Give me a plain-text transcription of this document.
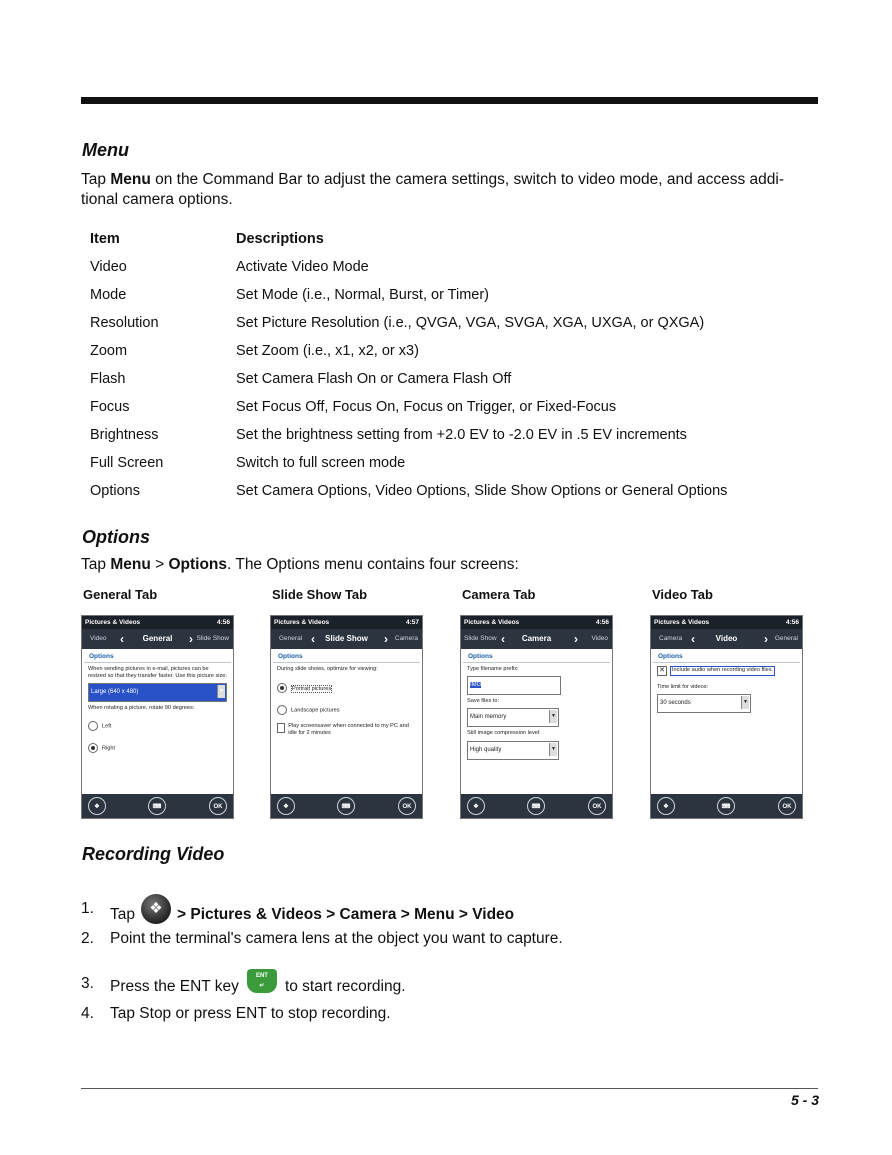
Menu
Tap Menu on the Command Bar to adjust the camera settings, switch to video mode, and access addi-tional camera options.
Item	Descriptions
Video	Activate Video Mode
Mode	Set Mode (i.e., Normal, Burst, or Timer)
Resolution	Set Picture Resolution (i.e., QVGA, VGA, SVGA, XGA, UXGA, or QXGA)
Zoom	Set Zoom (i.e., x1, x2, or x3)
Flash	Set Camera Flash On or Camera Flash Off
Focus	Set Focus Off, Focus On, Focus on Trigger, or Fixed-Focus
Brightness	Set the brightness setting from +2.0 EV to -2.0 EV in .5 EV increments
Full Screen	Switch to full screen mode
Options	Set Camera Options, Video Options, Slide Show Options or General Options
Options
Tap Menu > Options. The Options menu contains four screens:
General Tab	Slide Show Tab	Camera Tab	Video Tab
Pictures & Videos	4:56
Video ‹	General	› Slide Show
Options
When sending pictures in e-mail, pictures can be resized so that they transfer faster. Use this picture size:
Large (640 x 480)	▼
When rotating a picture, rotate 90 degrees:
Left
Right
❖	⌨	OK
Pictures & Videos	4:57
General ‹	Slide Show	› Camera
Options
During slide shows, optimize for viewing:
Portrait pictures
Landscape pictures
Play screensaver when connected to my PC and idle for 2 minutes
❖	⌨	OK
Pictures & Videos	4:56
Slide Show ‹	Camera	› Video
Options
Type filename prefix:
IMG
Save files to:
Main memory	▼
Still image compression level:
High quality	▼
❖	⌨	OK
Pictures & Videos	4:56
Camera ‹	Video	› General
Options
✕	Include audio when recording video files.
Time limit for videos:
30 seconds	▼
❖	⌨	OK
Recording Video
1. Tap ❖ > Pictures & Videos > Camera > Menu > Video
2. Point the terminal's camera lens at the object you want to capture.
3. Press the ENT keyENT
↵ to start recording.
4. Tap Stop or press ENT to stop recording.
5 - 3
